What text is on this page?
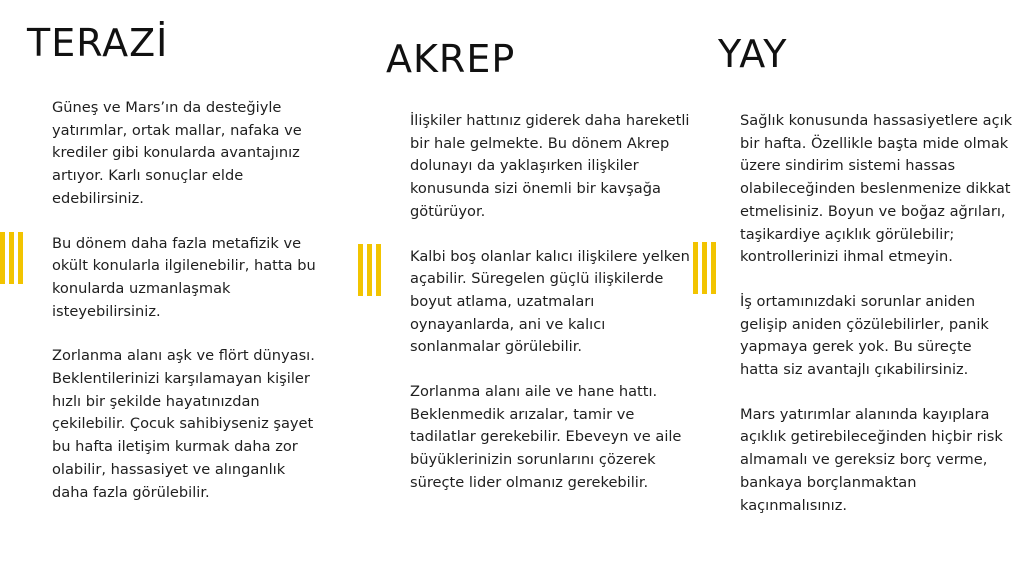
TERAZİ

Güneş ve Mars’ın da desteğiyle yatırımlar, ortak mallar, nafaka ve krediler gibi konularda avantajınız artıyor. Karlı sonuçlar elde edebilirsiniz.

Bu dönem daha fazla metafizik ve okült konularla ilgilenebilir, hatta bu konularda uzmanlaşmak isteyebilirsiniz.

Zorlanma alanı aşk ve flört dünyası. Beklentilerinizi karşılamayan kişiler hızlı bir şekilde hayatınızdan çekilebilir. Çocuk sahibiyseniz şayet bu hafta iletişim kurmak daha zor olabilir, hassasiyet ve alınganlık daha fazla görülebilir.

AKREP

İlişkiler hattınız giderek daha hareketli bir hale gelmekte. Bu dönem Akrep dolunayı da yaklaşırken ilişkiler konusunda sizi önemli bir kavşağa götürüyor.

Kalbi boş olanlar kalıcı ilişkilere yelken açabilir. Süregelen güçlü ilişkilerde boyut atlama, uzatmaları oynayanlarda, ani ve kalıcı sonlanmalar görülebilir.

Zorlanma alanı aile ve hane hattı. Beklenmedik arızalar, tamir ve tadilatlar gerekebilir. Ebeveyn ve aile büyüklerinizin sorunlarını çözerek süreçte lider olmanız gerekebilir.

YAY

Sağlık konusunda hassasiyetlere açık bir hafta. Özellikle başta mide olmak üzere sindirim sistemi hassas olabileceğinden beslenmenize dikkat etmelisiniz. Boyun ve boğaz ağrıları, taşikardiye açıklık görülebilir; kontrollerinizi ihmal etmeyin.

İş ortamınızdaki sorunlar aniden gelişip aniden çözülebilirler, panik yapmaya gerek yok. Bu süreçte hatta siz avantajlı çıkabilirsiniz.

Mars yatırımlar alanında kayıplara açıklık getirebileceğinden hiçbir risk almamalı ve gereksiz borç verme, bankaya borçlanmaktan kaçınmalısınız.
